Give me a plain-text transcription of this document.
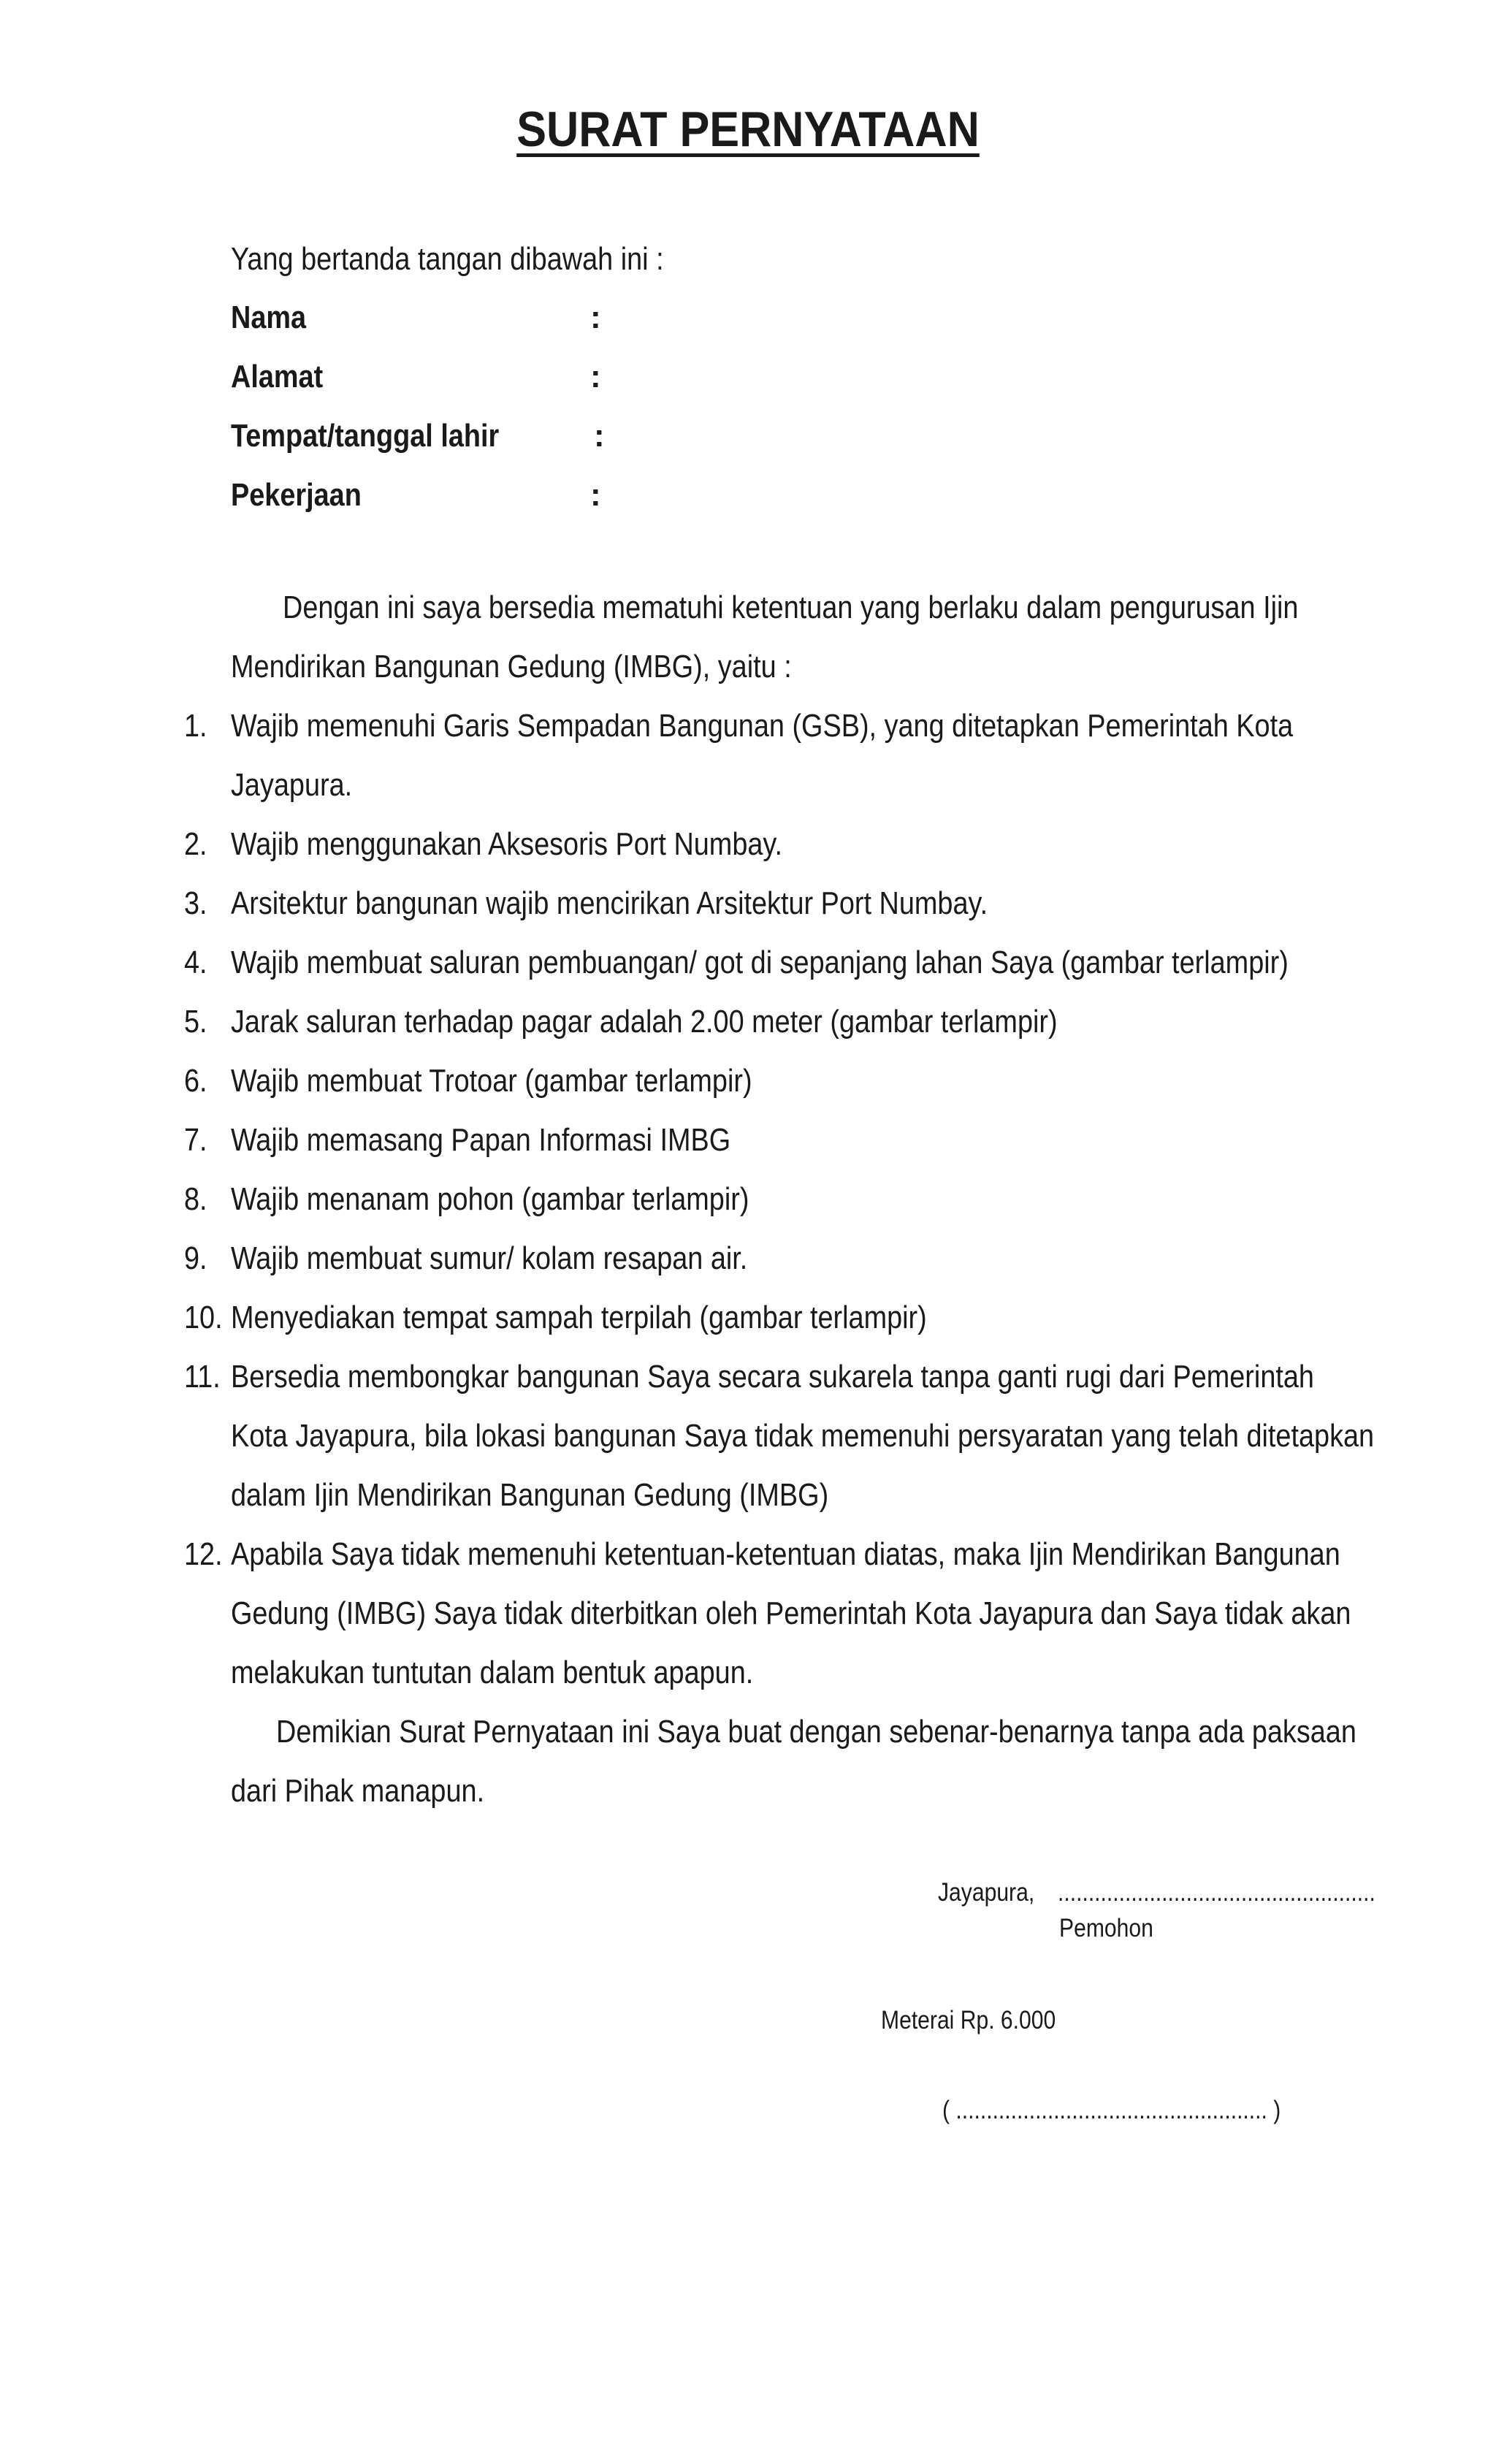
SURAT PERNYATAAN
Yang bertanda tangan dibawah ini :
Nama	:
Alamat	:
Tempat/tanggal lahir	:
Pekerjaan	:
Dengan ini saya bersedia mematuhi ketentuan yang berlaku dalam pengurusan Ijin
Mendirikan Bangunan Gedung (IMBG), yaitu :
1. Wajib memenuhi Garis Sempadan Bangunan (GSB), yang ditetapkan Pemerintah Kota
Jayapura.
2. Wajib menggunakan Aksesoris Port Numbay.
3. Arsitektur bangunan wajib mencirikan Arsitektur Port Numbay.
4. Wajib membuat saluran pembuangan/ got di sepanjang lahan Saya (gambar terlampir)
5. Jarak saluran terhadap pagar adalah 2.00 meter (gambar terlampir)
6. Wajib membuat Trotoar (gambar terlampir)
7. Wajib memasang Papan Informasi IMBG
8. Wajib menanam pohon (gambar terlampir)
9. Wajib membuat sumur/ kolam resapan air.
10. Menyediakan tempat sampah terpilah (gambar terlampir)
11. Bersedia membongkar bangunan Saya secara sukarela tanpa ganti rugi dari Pemerintah
Kota Jayapura, bila lokasi bangunan Saya tidak memenuhi persyaratan yang telah ditetapkan
dalam Ijin Mendirikan Bangunan Gedung (IMBG)
12. Apabila Saya tidak memenuhi ketentuan-ketentuan diatas, maka Ijin Mendirikan Bangunan
Gedung (IMBG) Saya tidak diterbitkan oleh Pemerintah Kota Jayapura dan Saya tidak akan
melakukan tuntutan dalam bentuk apapun.
Demikian Surat Pernyataan ini Saya buat dengan sebenar-benarnya tanpa ada paksaan
dari Pihak manapun.
Jayapura, ....................................................
Pemohon
Meterai Rp. 6.000
( ................................................... )
